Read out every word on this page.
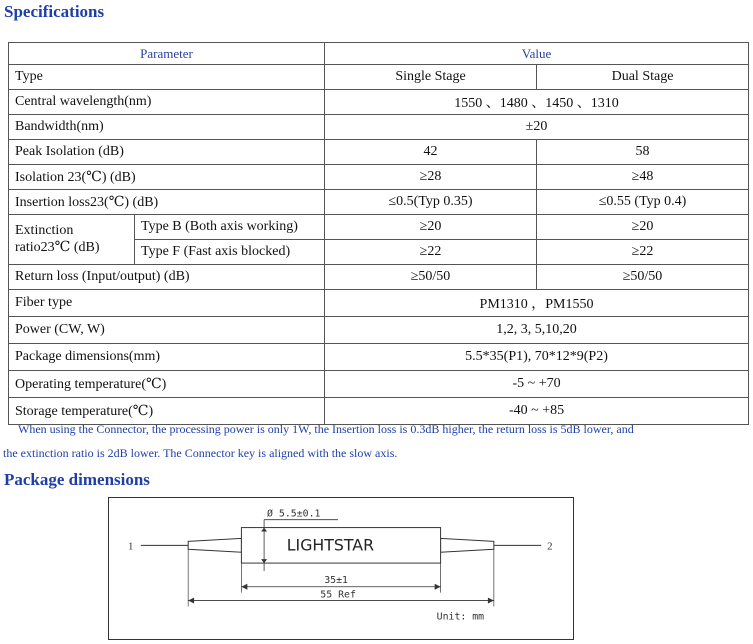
Specifications
Parameter		Value	
Type		Single Stage	Dual Stage
Central wavelength(nm)		1550 、1480 、1450 、1310	
Bandwidth(nm)		±20	
Peak Isolation (dB)		42	58
Isolation 23(℃) (dB)		≥28	≥48
Insertion loss23(℃) (dB)		≤0.5(Typ 0.35)	≤0.55 (Typ 0.4)

Extinction
ratio23℃ (dB)	Type B (Both axis working)	≥20	≥20
	Type F (Fast axis blocked)	≥22	≥22
Return loss (Input/output) (dB)		≥50/50	≥50/50
Fiber type		PM1310 ，PM1550	
Power (CW, W)		1,2, 3, 5,10,20	
Package dimensions(mm)		5.5*35(P1), 70*12*9(P2)	
Operating temperature(℃)		-5 ~ +70	
Storage temperature(℃)		-40 ~ +85	
When using the Connector, the processing power is only 1W, the Insertion loss is 0.3dB higher, the return loss is 5dB lower, and
the extinction ratio is 2dB lower. The Connector key is aligned with the slow axis.
Package dimensions
Ø 5.5±0.1
LIGHTSTAR
1	2
35±1
55 Ref
Unit: mm
